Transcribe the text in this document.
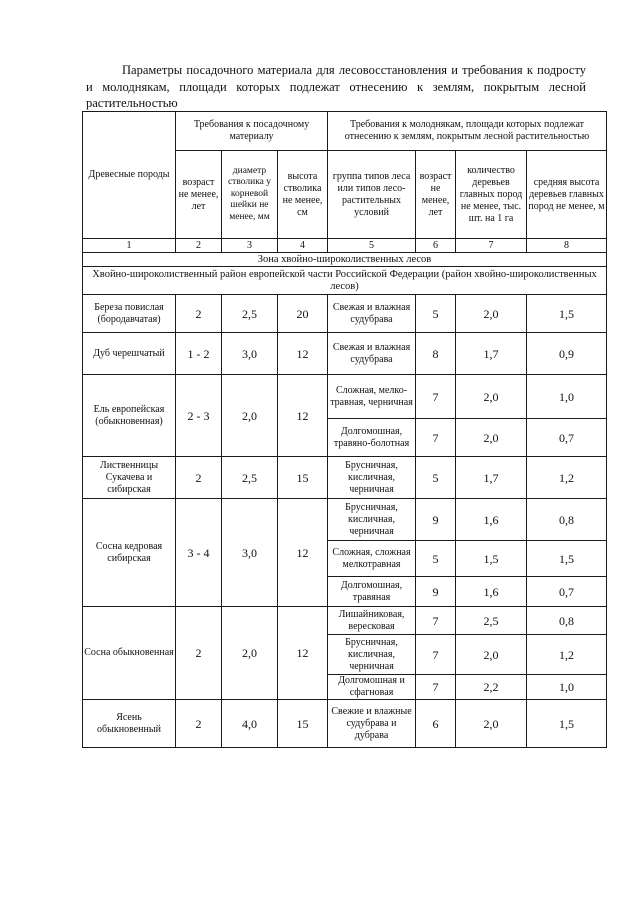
Параметры посадочного материала для лесовосстановления и требования к подросту и молоднякам, площади которых подлежат отнесению к землям, покрытым лесной растительностью
Древесные породы	Требования к посадочному материалу			Требования к молоднякам, площади которых подлежат отнесению к землям, покрытым лесной растительностью			
	возраст не менее, лет	диаметр стволика у корневой шейки не менее, мм	высота стволика не менее, см	группа типов леса или типов лесо-растительных условий	возраст не менее, лет	количество деревьев главных пород не менее, тыс. шт. на 1 га	средняя высота деревьев главных пород не менее, м
1	2	3	4	5	6	7	8
Зона хвойно-широколиственных лесов							
Хвойно-широколиственный район европейской части Российской Федерации (район хвойно-широколиственных лесов)							
Береза повислая (бородавчатая)	2	2,5	20	Свежая и влажная судубрава	5	2,0	1,5
Дуб черешчатый	1 - 2	3,0	12	Свежая и влажная судубрава	8	1,7	0,9
Ель европейская (обыкновенная)	2 - 3	2,0	12	Сложная, мелко-травная, черничная	7	2,0	1,0
				Долгомошная, травяно-болотная	7	2,0	0,7
Лиственницы Сукачева и сибирская	2	2,5	15	Брусничная, кисличная, черничная	5	1,7	1,2
Сосна кедровая сибирская	3 - 4	3,0	12	Брусничная, кисличная, черничная	9	1,6	0,8
				Сложная, сложная мелкотравная	5	1,5	1,5
				Долгомошная, травяная	9	1,6	0,7
Сосна обыкновенная	2	2,0	12	Лишайниковая, вересковая	7	2,5	0,8
				Брусничная, кисличная, черничная	7	2,0	1,2
				Долгомошная и сфагновая	7	2,2	1,0
Ясень обыкновенный	2	4,0	15	Свежие и влажные судубрава и дубрава	6	2,0	1,5
